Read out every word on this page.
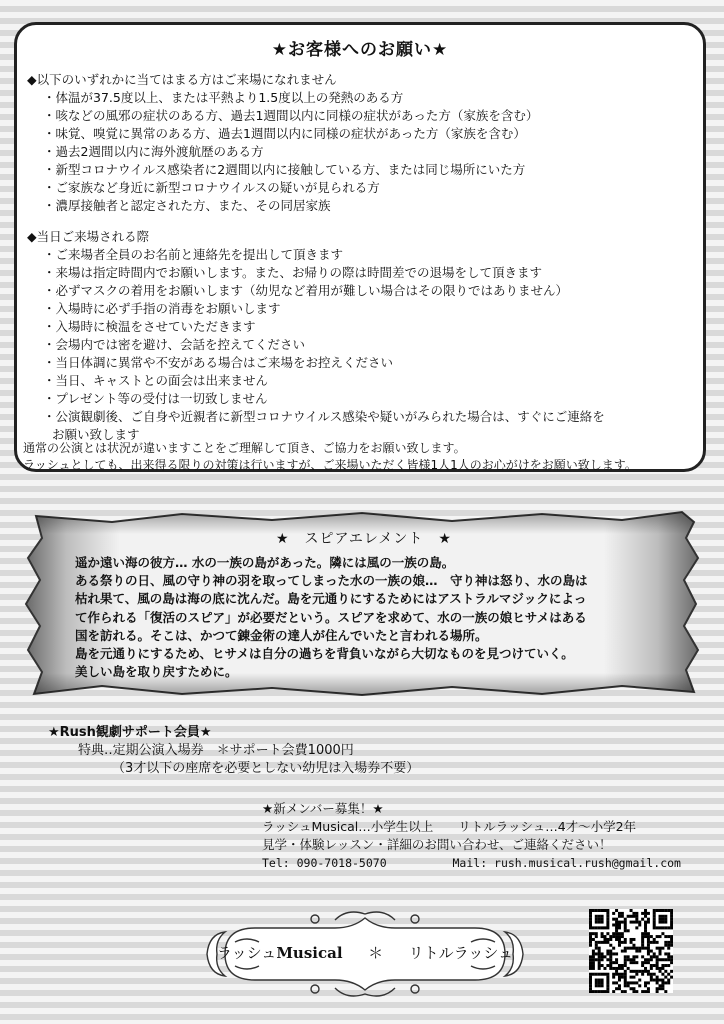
★お客様へのお願い★
◆以下のいずれかに当てはまる方はご来場になれません
・体温が37.5度以上、または平熱より1.5度以上の発熱のある方
・咳などの風邪の症状のある方、過去1週間以内に同様の症状があった方（家族を含む）
・味覚、嗅覚に異常のある方、過去1週間以内に同様の症状があった方（家族を含む）
・過去2週間以内に海外渡航歴のある方
・新型コロナウイルス感染者に2週間以内に接触している方、または同じ場所にいた方
・ご家族など身近に新型コロナウイルスの疑いが見られる方
・濃厚接触者と認定された方、また、その同居家族
◆当日ご来場される際
・ご来場者全員のお名前と連絡先を提出して頂きます
・来場は指定時間内でお願いします。また、お帰りの際は時間差での退場をして頂きます
・必ずマスクの着用をお願いします（幼児など着用が難しい場合はその限りではありません）
・入場時に必ず手指の消毒をお願いします
・入場時に検温をさせていただきます
・会場内では密を避け、会話を控えてください
・当日体調に異常や不安がある場合はご来場をお控えください
・当日、キャストとの面会は出来ません
・プレゼント等の受付は一切致しません
・公演観劇後、ご自身や近親者に新型コロナウイルス感染や疑いがみられた場合は、すぐにご連絡を
お願い致します
通常の公演とは状況が違いますことをご理解して頂き、ご協力をお願い致します。
ラッシュとしても、出来得る限りの対策は行いますが、ご来場いただく皆様1人1人のお心がけをお願い致します。
★　スピアエレメント　★
遥か遠い海の彼方… 水の一族の島があった。隣には風の一族の島。
ある祭りの日、風の守り神の羽を取ってしまった水の一族の娘…　守り神は怒り、水の島は
枯れ果て、風の島は海の底に沈んだ。島を元通りにするためにはアストラルマジックによっ
て作られる「復活のスピア」が必要だという。スピアを求めて、水の一族の娘ヒサメはある
国を訪れる。そこは、かつて錬金術の達人が住んでいたと言われる場所。
島を元通りにするため、ヒサメは自分の過ちを背負いながら大切なものを見つけていく。
美しい島を取り戻すために。
★Rush観劇サポート会員★
特典‥定期公演入場券　＊サポート会費1000円
（3才以下の座席を必要としない幼児は入場券不要）
★新メンバー募集！★
ラッシュMusical…小学生以上　　リトルラッシュ…4才～小学2年
見学・体験レッスン・詳細のお問い合わせ、ご連絡ください！
Tel: 090-7018-5070	Mail: rush.musical.rush@gmail.com
ラッシュMusical ＊ リトルラッシュ
